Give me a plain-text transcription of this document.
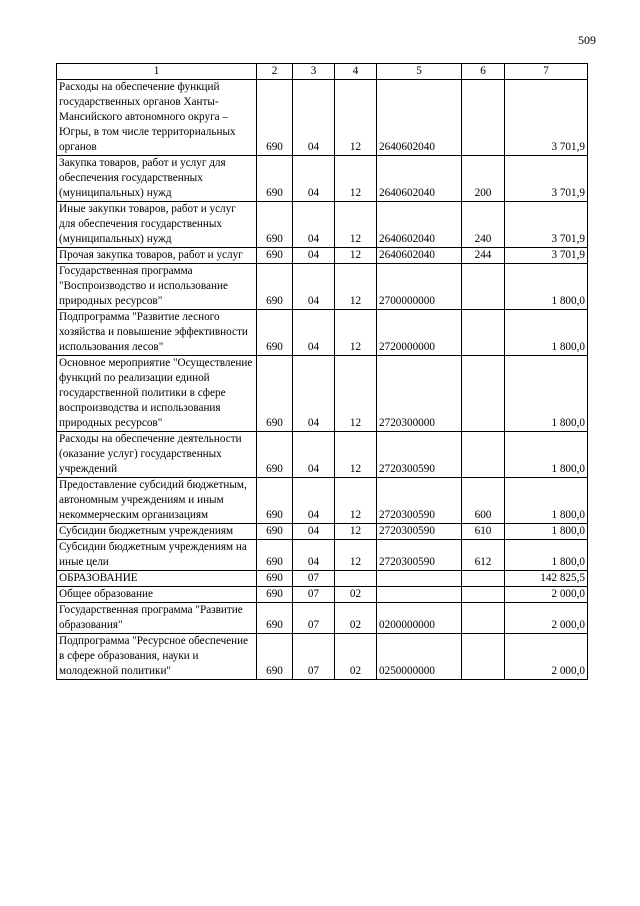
509
1	2	3	4	5	6	7
Расходы на обеспечение функций государственных органов Ханты-Мансийского автономного округа – Югры, в том числе территориальных органов	690	04	12	2640602040		3 701,9
Закупка товаров, работ и услуг для обеспечения государственных (муниципальных) нужд	690	04	12	2640602040	200	3 701,9
Иные закупки товаров, работ и услуг для обеспечения государственных (муниципальных) нужд	690	04	12	2640602040	240	3 701,9
Прочая закупка товаров, работ и услуг	690	04	12	2640602040	244	3 701,9
Государственная программа "Воспроизводство и использование природных ресурсов"	690	04	12	2700000000		1 800,0
Подпрограмма "Развитие лесного хозяйства и повышение эффективности использования лесов"	690	04	12	2720000000		1 800,0
Основное мероприятие "Осуществление функций по реализации единой государственной политики в сфере воспроизводства и использования природных ресурсов"	690	04	12	2720300000		1 800,0
Расходы на обеспечение деятельности (оказание услуг) государственных учреждений	690	04	12	2720300590		1 800,0
Предоставление субсидий бюджетным, автономным учреждениям и иным некоммерческим организациям	690	04	12	2720300590	600	1 800,0
Субсидии бюджетным учреждениям	690	04	12	2720300590	610	1 800,0
Субсидии бюджетным учреждениям на иные цели	690	04	12	2720300590	612	1 800,0
ОБРАЗОВАНИЕ	690	07				142 825,5
Общее образование	690	07	02			2 000,0
Государственная программа "Развитие образования"	690	07	02	0200000000		2 000,0
Подпрограмма "Ресурсное обеспечение в сфере образования, науки и молодежной политики"	690	07	02	0250000000		2 000,0
